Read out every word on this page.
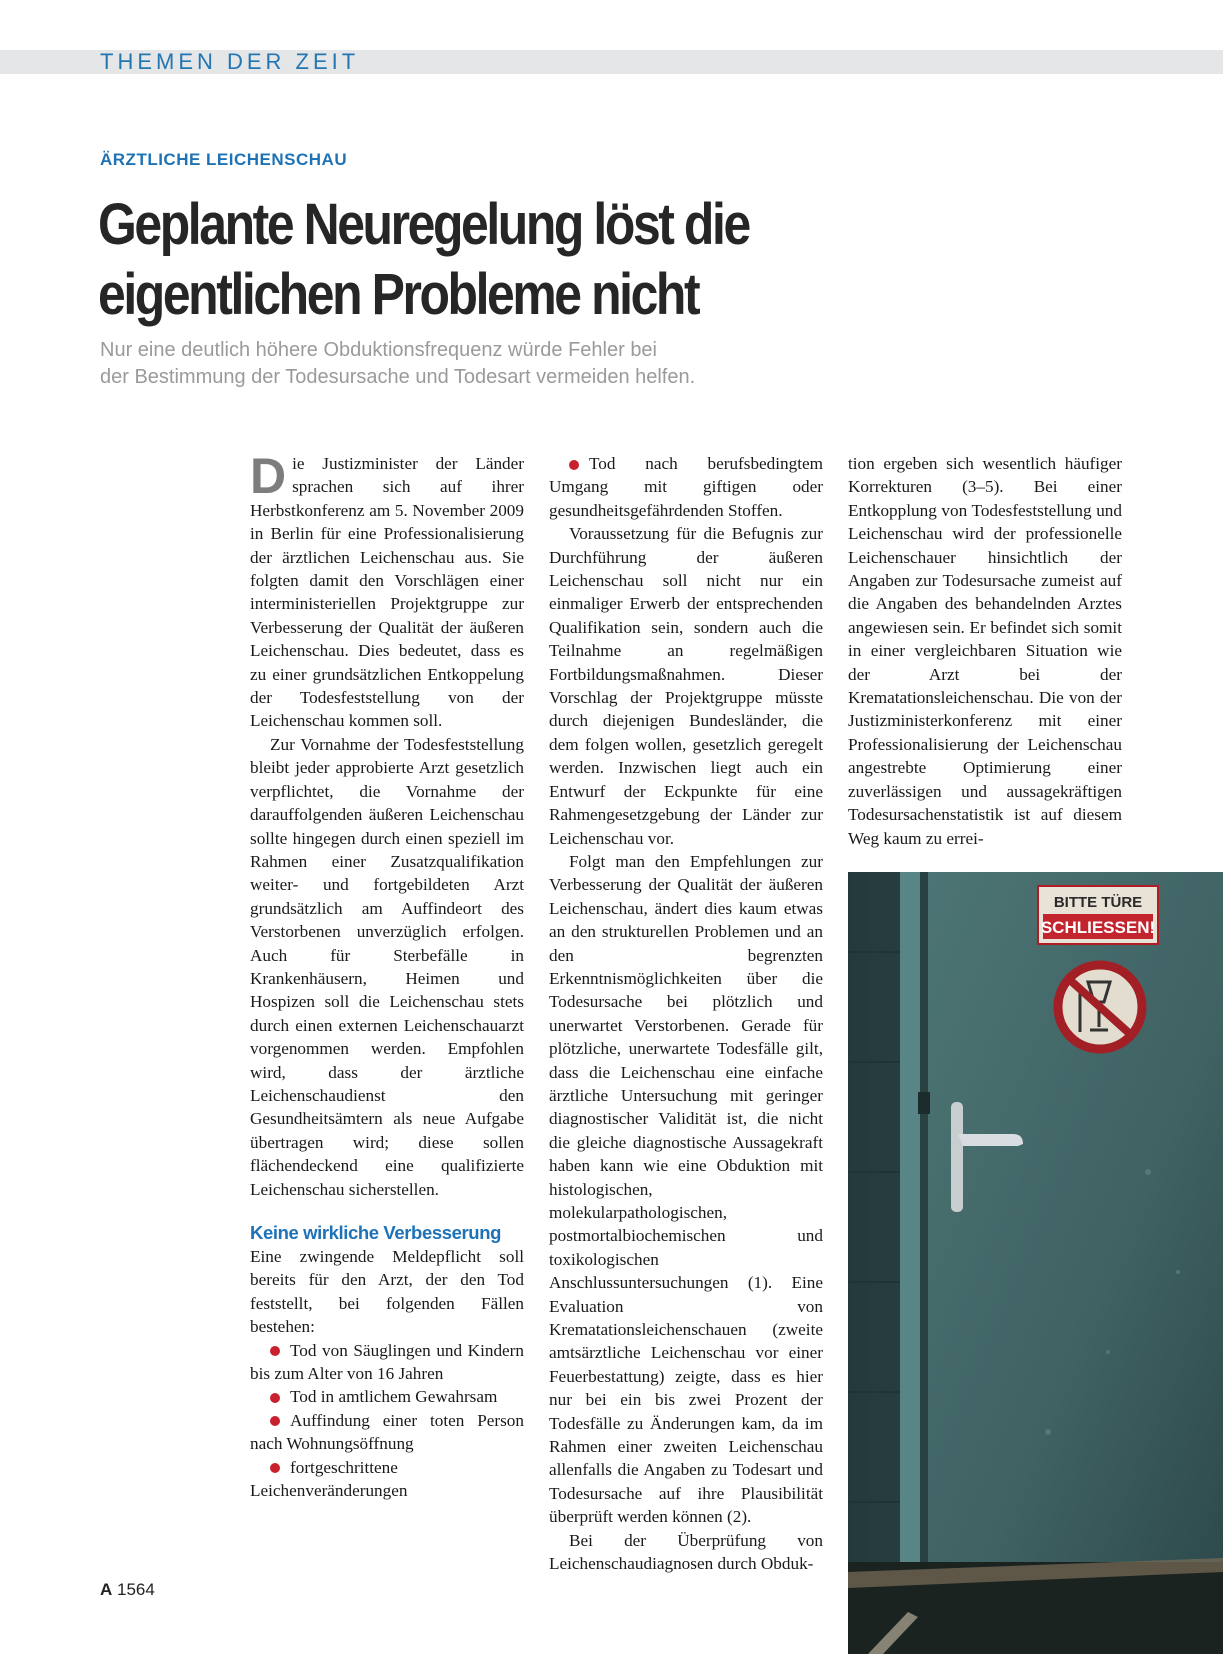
THEMEN DER ZEIT
ÄRZTLICHE LEICHENSCHAU
Geplante Neuregelung löst die
eigentlichen Probleme nicht
Nur eine deutlich höhere Obduktionsfrequenz würde Fehler bei
der Bestimmung der Todesursache und Todesart vermeiden helfen.

Die Justizminister der Länder sprachen sich auf ihrer Herbstkonferenz am 5. November 2009 in Berlin für eine Professionalisierung der ärztlichen Leichenschau aus. Sie folgten damit den Vorschlägen einer interministeriellen Projektgruppe zur Verbesserung der Qualität der äußeren Leichenschau. Dies bedeutet, dass es zu einer grundsätzlichen Entkoppelung der Todesfeststellung von der Leichenschau kommen soll.

Zur Vornahme der Todesfeststellung bleibt jeder approbierte Arzt gesetzlich verpflichtet, die Vornahme der darauffolgenden äußeren Leichenschau sollte hingegen durch einen speziell im Rahmen einer Zusatzqualifikation weiter- und fortgebildeten Arzt grundsätzlich am Auffindeort des Verstorbenen unverzüglich erfolgen. Auch für Sterbefälle in Krankenhäusern, Heimen und Hospizen soll die Leichenschau stets durch einen externen Leichenschauarzt vorgenommen werden. Empfohlen wird, dass der ärztliche Leichenschaudienst den Gesundheitsämtern als neue Aufgabe übertragen wird; diese sollen flächendeckend eine qualifizierte Leichenschau sicherstellen.

Keine wirkliche Verbesserung

Eine zwingende Meldepflicht soll bereits für den Arzt, der den Tod feststellt, bei folgenden Fällen bestehen:

Tod von Säuglingen und Kindern bis zum Alter von 16 Jahren
Tod in amtlichem Gewahrsam
Auffindung einer toten Person nach Wohnungsöffnung
fortgeschrittene Leichenveränderungen
Tod nach berufsbedingtem Umgang mit giftigen oder gesundheitsgefährdenden Stoffen.

Voraussetzung für die Befugnis zur Durchführung der äußeren Leichenschau soll nicht nur ein einmaliger Erwerb der entsprechenden Qualifikation sein, sondern auch die Teilnahme an regelmäßigen Fortbildungsmaßnahmen. Dieser Vorschlag der Projektgruppe müsste durch diejenigen Bundesländer, die dem folgen wollen, gesetzlich geregelt werden. Inzwischen liegt auch ein Entwurf der Eckpunkte für eine Rahmengesetzgebung der Länder zur Leichenschau vor.

Folgt man den Empfehlungen zur Verbesserung der Qualität der äußeren Leichenschau, ändert dies kaum etwas an den strukturellen Problemen und an den begrenzten Erkenntnismöglichkeiten über die Todesursache bei plötzlich und unerwartet Verstorbenen. Gerade für plötzliche, unerwartete Todesfälle gilt, dass die Leichenschau eine einfache ärztliche Untersuchung mit geringer diagnostischer Validität ist, die nicht die gleiche diagnostische Aussagekraft haben kann wie eine Obduktion mit histologischen, molekularpathologischen, postmortalbiochemischen und toxikologischen Anschlussuntersuchungen (1). Eine Evaluation von Krematationsleichenschauen (zweite amtsärztliche Leichenschau vor einer Feuerbestattung) zeigte, dass es hier nur bei ein bis zwei Prozent der Todesfälle zu Änderungen kam, da im Rahmen einer zweiten Leichenschau allenfalls die Angaben zu Todesart und Todesursache auf ihre Plausibilität überprüft werden können (2).

Bei der Überprüfung von Leichenschaudiagnosen durch Obduk-

tion ergeben sich wesentlich häufiger Korrekturen (3–5). Bei einer Entkopplung von Todesfeststellung und Leichenschau wird der professionelle Leichenschauer hinsichtlich der Angaben zur Todesursache zumeist auf die Angaben des behandelnden Arztes angewiesen sein. Er befindet sich somit in einer vergleichbaren Situation wie der Arzt bei der Krematationsleichenschau. Die von der Justizministerkonferenz mit einer Professionalisierung der Leichenschau angestrebte Optimierung einer zuverlässigen und aussagekräftigen Todesursachenstatistik ist auf diesem Weg kaum zu errei-

BITTE TÜRE
SCHLIESSEN!
A 1564
